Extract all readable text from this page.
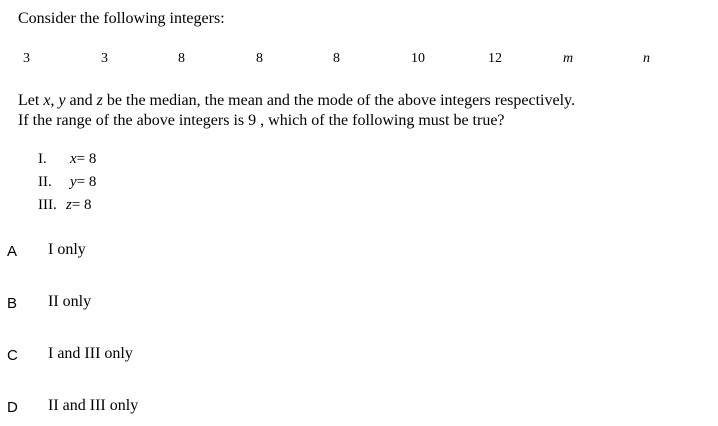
Consider the following integers:
3	3	8	8	8	10	12	m	n
Let x, y and z be the median, the mean and the mode of the above integers respectively.
If the range of the above integers is 9 , which of the following must be true?
I. x= 8
II. y= 8
III. z= 8
A I only
B II only
C I and III only
D II and III only
